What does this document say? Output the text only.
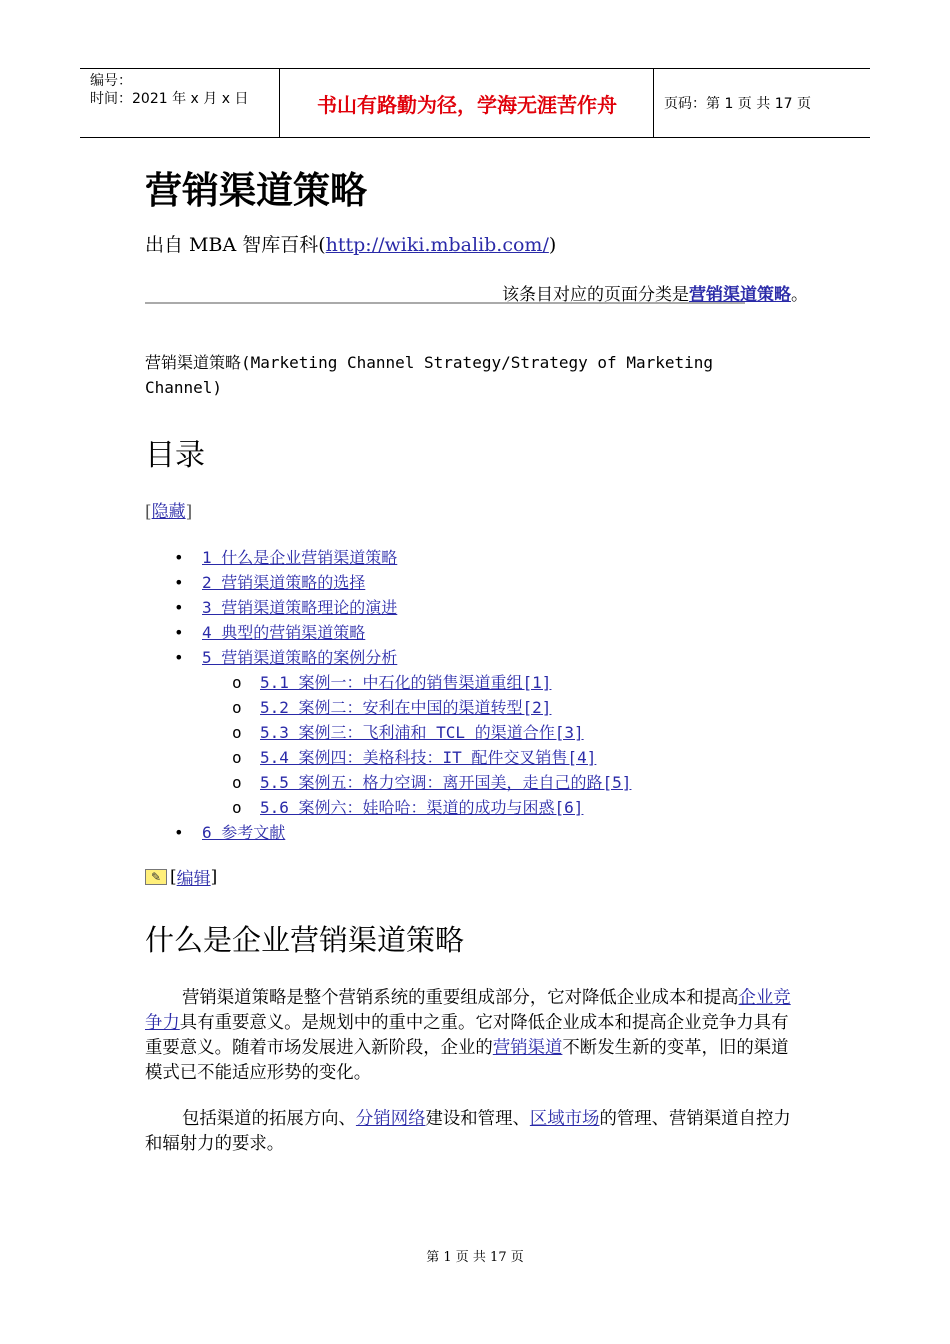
编号：
时间：2021 年 x 月 x 日	书山有路勤为径，学海无涯苦作舟	页码：第 1 页 共 17 页
营销渠道策略
出自 MBA 智库百科(http://wiki.mbalib.com/)
该条目对应的页面分类是营销渠道策略。
营销渠道策略(Marketing Channel Strategy/Strategy of Marketing Channel)
目录
[隐藏]
• 1 什么是企业营销渠道策略
• 2 营销渠道策略的选择
• 3 营销渠道策略理论的演进
• 4 典型的营销渠道策略
• 5 营销渠道策略的案例分析
o 5.1 案例一：中石化的销售渠道重组[1]
o 5.2 案例二：安利在中国的渠道转型[2]
o 5.3 案例三：飞利浦和 TCL 的渠道合作[3]
o 5.4 案例四：美格科技：IT 配件交叉销售[4]
o 5.5 案例五：格力空调：离开国美，走自己的路[5]
o 5.6 案例六：娃哈哈：渠道的成功与困惑[6]
• 6 参考文献
✎ [ 编辑 ]
什么是企业营销渠道策略

营销渠道策略是整个营销系统的重要组成部分，它对降低企业成本和提高企业竞争力具有重要意义。是规划中的重中之重。它对降低企业成本和提高企业竞争力具有重要意义。随着市场发展进入新阶段，企业的营销渠道不断发生新的变革，旧的渠道模式已不能适应形势的变化。

包括渠道的拓展方向、分销网络建设和管理、区域市场的管理、营销渠道自控力和辐射力的要求。

第 1 页 共 17 页
